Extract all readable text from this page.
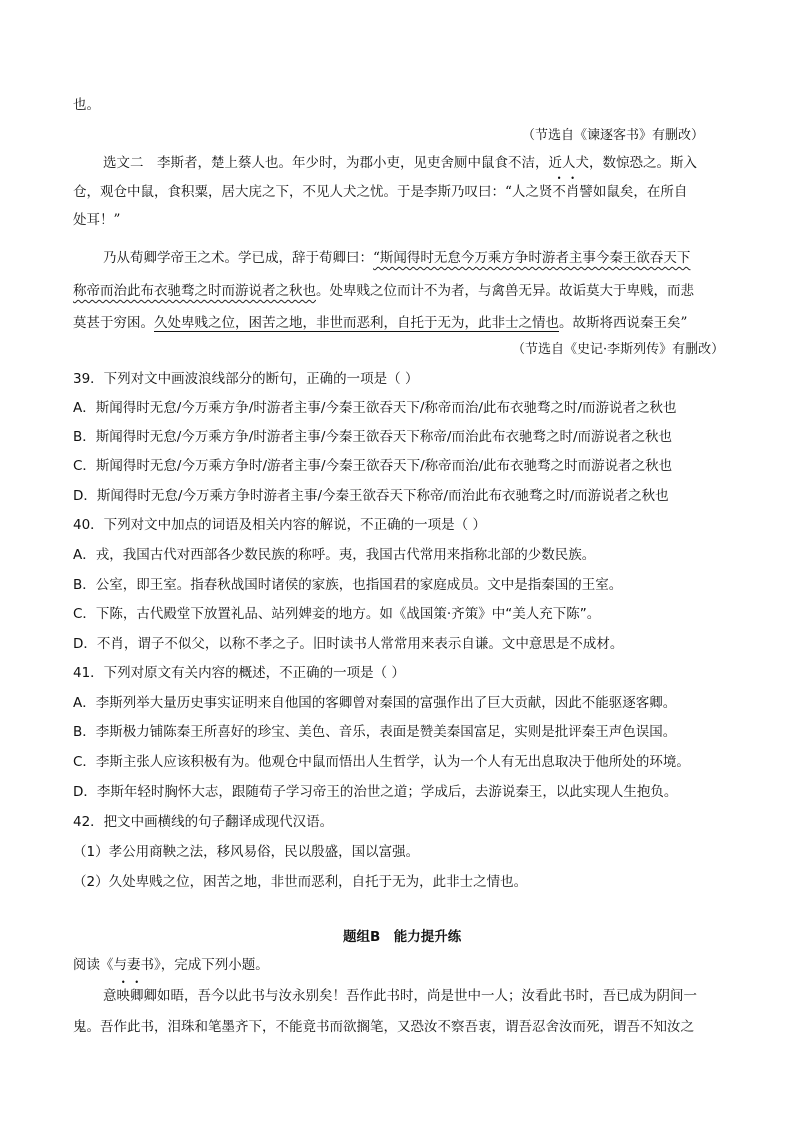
也。
（节选自《谏逐客书》有删改）
选文二　李斯者，楚上蔡人也。年少时，为郡小吏，见吏舍厕中鼠食不洁，近人犬，数惊恐之。斯入
仓，观仓中鼠，食积粟，居大庑之下，不见人犬之忧。于是李斯乃叹曰：“人之贤不肖譬如鼠矣，在所自
处耳！”
乃从荀卿学帝王之术。学已成，辞于荀卿曰：“斯闻得时无怠今万乘方争时游者主事今秦王欲吞天下
称帝而治此布衣驰骛之时而游说者之秋也。处卑贱之位而计不为者，与禽兽无异。故诟莫大于卑贱，而悲
莫甚于穷困。久处卑贱之位，困苦之地，非世而恶利，自托于无为，此非士之情也。故斯将西说秦王矣”
（节选自《史记·李斯列传》有删改）
39．下列对文中画波浪线部分的断句，正确的一项是（ ）
A．斯闻得时无怠/今万乘方争/时游者主事/今秦王欲吞天下/称帝而治/此布衣驰骛之时/而游说者之秋也
B．斯闻得时无怠/今万乘方争/时游者主事/今秦王欲吞天下称帝/而治此布衣驰骛之时/而游说者之秋也
C．斯闻得时无怠/今万乘方争时/游者主事/今秦王欲吞天下/称帝而治/此布衣驰骛之时而游说者之秋也
D．斯闻得时无怠/今万乘方争时游者主事/今秦王欲吞天下称帝/而治此布衣驰骛之时/而游说者之秋也
40．下列对文中加点的词语及相关内容的解说，不正确的一项是（ ）
A．戎，我国古代对西部各少数民族的称呼。夷，我国古代常用来指称北部的少数民族。
B．公室，即王室。指春秋战国时诸侯的家族，也指国君的家庭成员。文中是指秦国的王室。
C．下陈，古代殿堂下放置礼品、站列婢妾的地方。如《战国策·齐策》中“美人充下陈”。
D．不肖，谓子不似父，以称不孝之子。旧时读书人常常用来表示自谦。文中意思是不成材。
41．下列对原文有关内容的概述，不正确的一项是（ ）
A．李斯列举大量历史事实证明来自他国的客卿曾对秦国的富强作出了巨大贡献，因此不能驱逐客卿。
B．李斯极力铺陈秦王所喜好的珍宝、美色、音乐，表面是赞美秦国富足，实则是批评秦王声色误国。
C．李斯主张人应该积极有为。他观仓中鼠而悟出人生哲学，认为一个人有无出息取决于他所处的环境。
D．李斯年轻时胸怀大志，跟随荀子学习帝王的治世之道；学成后，去游说秦王，以此实现人生抱负。
42．把文中画横线的句子翻译成现代汉语。
（1）孝公用商鞅之法，移风易俗，民以殷盛，国以富强。
（2）久处卑贱之位，困苦之地，非世而恶利，自托于无为，此非士之情也。
题组B　能力提升练
阅读《与妻书》，完成下列小题。
意映卿卿如晤，吾今以此书与汝永别矣！吾作此书时，尚是世中一人；汝看此书时，吾已成为阴间一
鬼。吾作此书，泪珠和笔墨齐下，不能竟书而欲搁笔，又恐汝不察吾衷，谓吾忍舍汝而死，谓吾不知汝之
